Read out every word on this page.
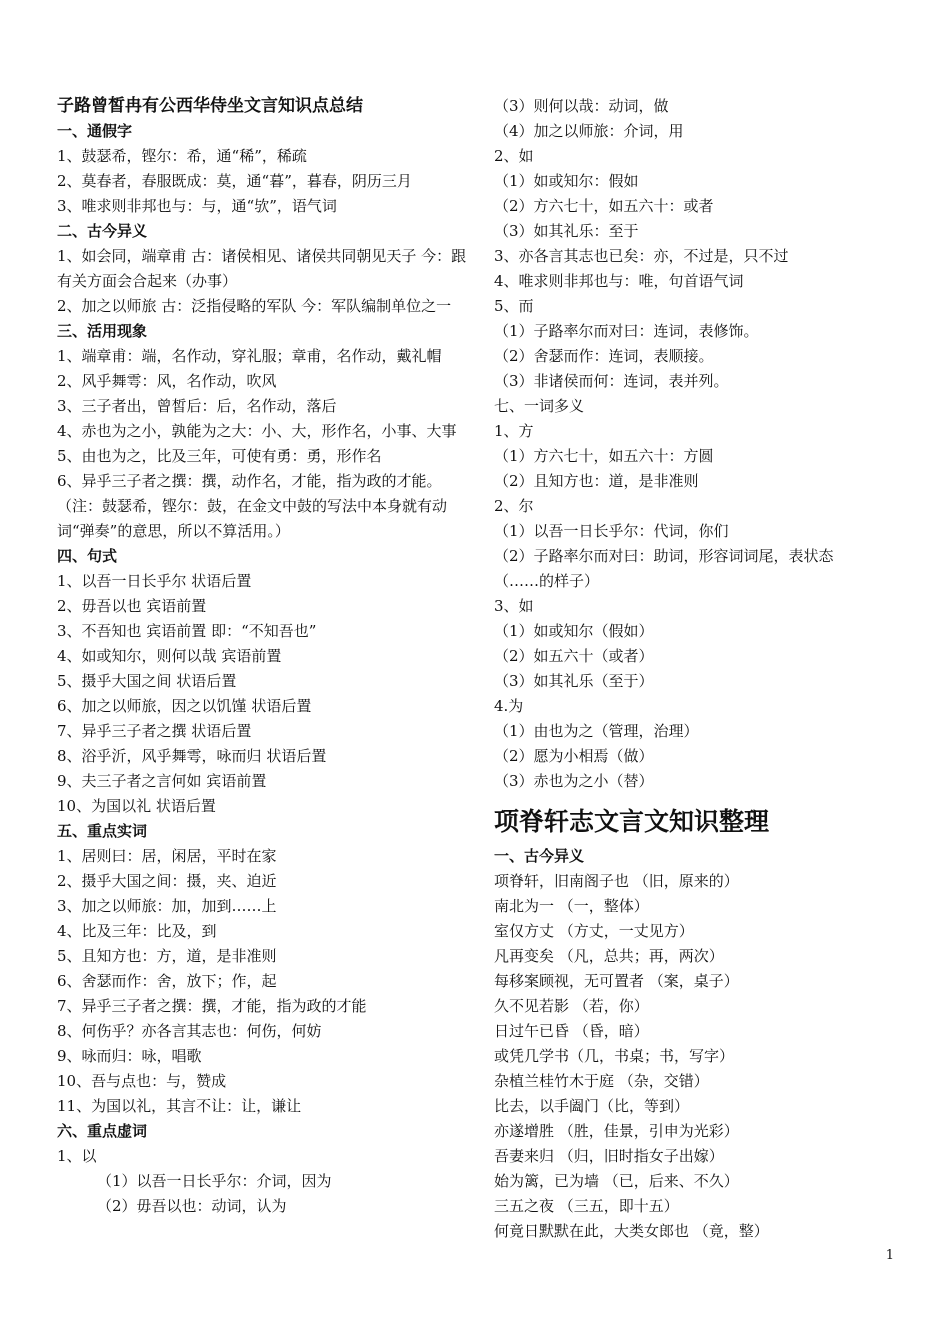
子路曾皙冉有公西华侍坐文言知识点总结
一、通假字
1、鼓瑟希，铿尔：希，通“稀”，稀疏
2、莫春者，春服既成：莫，通“暮”，暮春，阴历三月
3、唯求则非邦也与：与，通“欤”，语气词
二、古今异义
1、如会同，端章甫 古：诸侯相见、诸侯共同朝见天子 今：跟有关方面会合起来（办事）
2、加之以师旅 古：泛指侵略的军队 今：军队编制单位之一
三、活用现象
1、端章甫：端，名作动，穿礼服；章甫，名作动，戴礼帽
2、风乎舞雩：风，名作动，吹风
3、三子者出，曾皙后：后，名作动，落后
4、赤也为之小，孰能为之大：小、大，形作名，小事、大事
5、由也为之，比及三年，可使有勇：勇，形作名
6、异乎三子者之撰：撰，动作名，才能，指为政的才能。
（注：鼓瑟希，铿尔：鼓，在金文中鼓的写法中本身就有动词“弹奏”的意思，所以不算活用。）
四、句式
1、以吾一日长乎尔 状语后置
2、毋吾以也 宾语前置
3、不吾知也 宾语前置 即：“不知吾也”
4、如或知尔，则何以哉 宾语前置
5、摄乎大国之间 状语后置
6、加之以师旅，因之以饥馑 状语后置
7、异乎三子者之撰 状语后置
8、浴乎沂，风乎舞雩，咏而归 状语后置
9、夫三子者之言何如 宾语前置
10、为国以礼 状语后置
五、重点实词
1、居则曰：居，闲居，平时在家
2、摄乎大国之间：摄，夹、迫近
3、加之以师旅：加，加到……上
4、比及三年：比及，到
5、且知方也：方，道，是非准则
6、舍瑟而作：舍，放下；作，起
7、异乎三子者之撰：撰，才能，指为政的才能
8、何伤乎？亦各言其志也：何伤，何妨
9、咏而归：咏，唱歌
10、吾与点也：与，赞成
11、为国以礼，其言不让：让，谦让
六、重点虚词
1、以
（1）以吾一日长乎尔：介词，因为
（2）毋吾以也：动词，认为
（3）则何以哉：动词，做
（4）加之以师旅：介词，用
2、如
（1）如或知尔：假如
（2）方六七十，如五六十：或者
（3）如其礼乐：至于
3、亦各言其志也已矣：亦，不过是，只不过
4、唯求则非邦也与：唯，句首语气词
5、而
（1）子路率尔而对曰：连词，表修饰。
（2）舍瑟而作：连词，表顺接。
（3）非诸侯而何：连词，表并列。
七、一词多义
1、方
（1）方六七十，如五六十：方圆
（2）且知方也：道，是非准则
2、尔
（1）以吾一日长乎尔：代词，你们
（2）子路率尔而对曰：助词，形容词词尾，表状态
（……的样子）
3、如
（1）如或知尔（假如）
（2）如五六十（或者）
（3）如其礼乐（至于）
4.为
（1）由也为之（管理，治理）
（2）愿为小相焉（做）
（3）赤也为之小（替）
项脊轩志文言文知识整理
一、古今异义
项脊轩，旧南阁子也 （旧，原来的）
南北为一 （一，整体）
室仅方丈 （方丈，一丈见方）
凡再变矣 （凡，总共；再，两次）
每移案顾视，无可置者 （案，桌子）
久不见若影 （若，你）
日过午已昏 （昏，暗）
或凭几学书（几，书桌；书，写字）
杂植兰桂竹木于庭 （杂，交错）
比去，以手阖门（比，等到）
亦遂增胜 （胜，佳景，引申为光彩）
吾妻来归 （归，旧时指女子出嫁）
始为篱，已为墙 （已，后来、不久）
三五之夜 （三五，即十五）
何竟日默默在此，大类女郎也 （竟，整）
1
